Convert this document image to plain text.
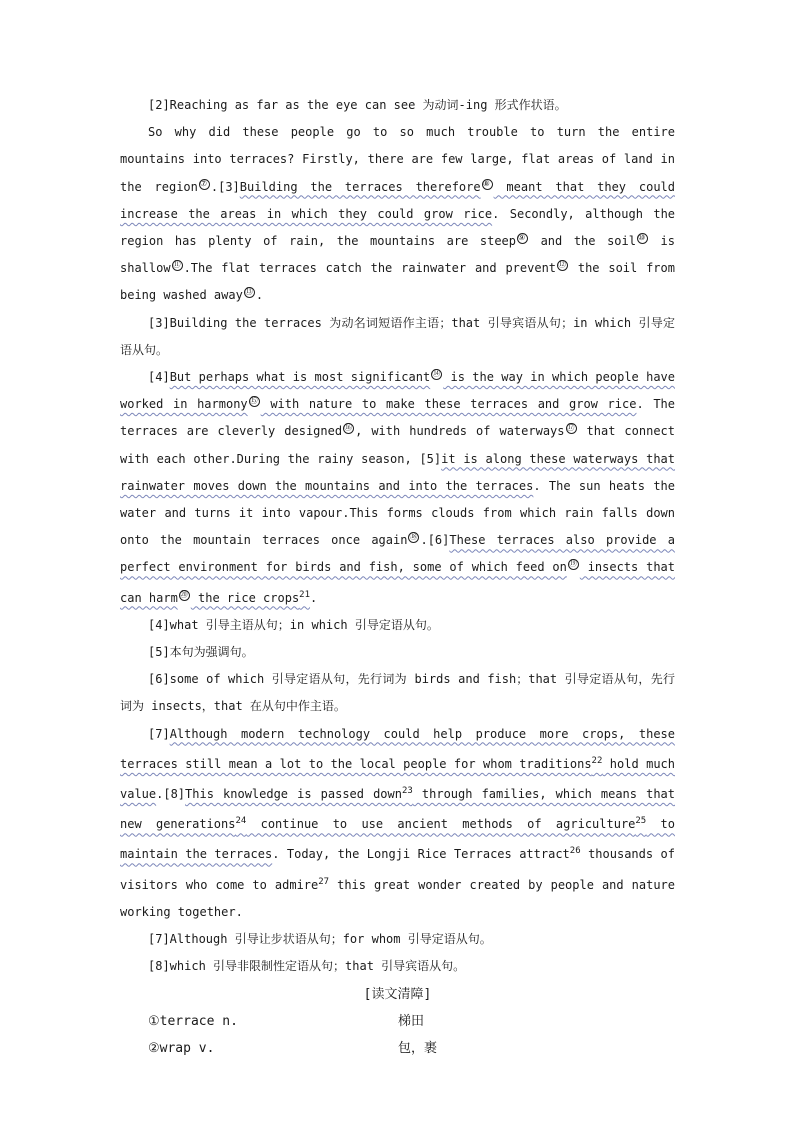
[2]Reaching as far as the eye can see 为动词-ing 形式作状语。

So why did these people go to so much trouble to turn the entire mountains into terraces? Firstly, there are few large, flat areas of land in the region ⑦ .[3]Building the terraces therefore ⑧ meant that they could increase the areas in which they could grow rice. Secondly, although the region has plenty of rain, the mountains are steep ⑨ and the soil ⑩ is shallow ⑪ .The flat terraces catch the rainwater and prevent ⑫ the soil from being washed away ⑬ .

[3]Building the terraces 为动名词短语作主语；that 引导宾语从句；in which 引导定语从句。

[4]But perhaps what is most significant ⑭ is the way in which people have worked in harmony ⑮ with nature to make these terraces and grow rice. The terraces are cleverly designed ⑯ , with hundreds of waterways ⑰ that connect with each other.During the rainy season, [5]it is along these waterways that rainwater moves down the mountains and into the terraces. The sun heats the water and turns it into vapour.This forms clouds from which rain falls down onto the mountain terraces once again ⑱ .[6]These terraces also provide a perfect environment for birds and fish, some of which feed on ⑲ insects that can harm ⑳ the rice crops$^{21}$.

[4]what 引导主语从句；in which 引导定语从句。

[5]本句为强调句。

[6]some of which 引导定语从句，先行词为 birds and fish；that 引导定语从句，先行词为 insects，that 在从句中作主语。

[7]Although modern technology could help produce more crops, these terraces still mean a lot to the local people for whom traditions$^{22}$ hold much value.[8]This knowledge is passed down$^{23}$ through families, which means that new generations$^{24}$ continue to use ancient methods of agriculture$^{25}$ to maintain the terraces. Today, the Longji Rice Terraces attract$^{26}$ thousands of visitors who come to admire$^{27}$ this great wonder created by people and nature working together.

[7]Although 引导让步状语从句；for whom 引导定语从句。

[8]which 引导非限制性定语从句；that 引导宾语从句。

[读文清障]

①terrace n.	梯田
②wrap v.	包，裹
